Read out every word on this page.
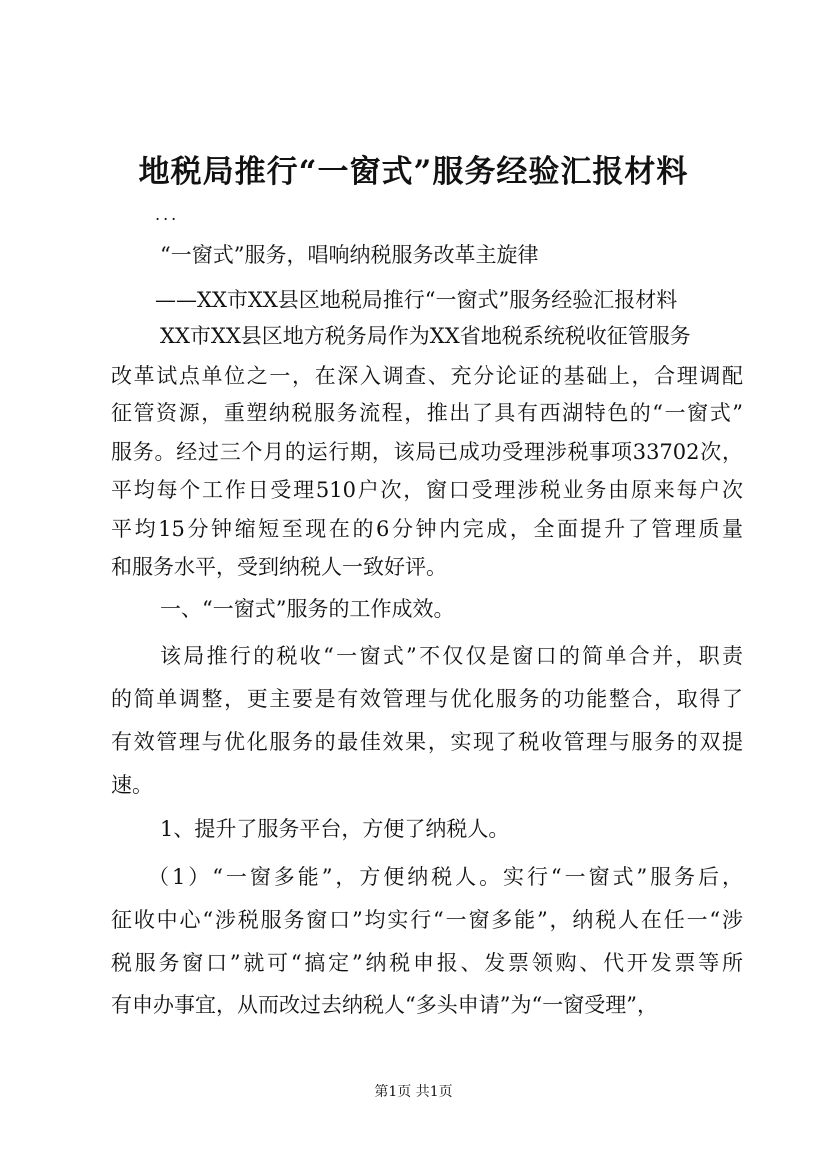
地税局推行“一窗式”服务经验汇报材料

...

“一窗式”服务，唱响纳税服务改革主旋律

——XX市XX县区地税局推行“一窗式”服务经验汇报材料

XX市XX县区地方税务局作为XX省地税系统税收征管服务

改革试点单位之一，在深入调查、充分论证的基础上，合理调配

征管资源，重塑纳税服务流程，推出了具有西湖特色的“一窗式”

服务。经过三个月的运行期，该局已成功受理涉税事项33702次，

平均每个工作日受理510户次，窗口受理涉税业务由原来每户次

平均15分钟缩短至现在的6分钟内完成，全面提升了管理质量

和服务水平，受到纳税人一致好评。

一、“一窗式”服务的工作成效。

该局推行的税收“一窗式”不仅仅是窗口的简单合并，职责

的简单调整，更主要是有效管理与优化服务的功能整合，取得了

有效管理与优化服务的最佳效果，实现了税收管理与服务的双提

速。

1、提升了服务平台，方便了纳税人。

（1）“一窗多能”，方便纳税人。实行“一窗式”服务后，

征收中心“涉税服务窗口”均实行“一窗多能”，纳税人在任一“涉

税服务窗口”就可“搞定”纳税申报、发票领购、代开发票等所

有申办事宜，从而改过去纳税人“多头申请”为“一窗受理”，

第1页 共1页
